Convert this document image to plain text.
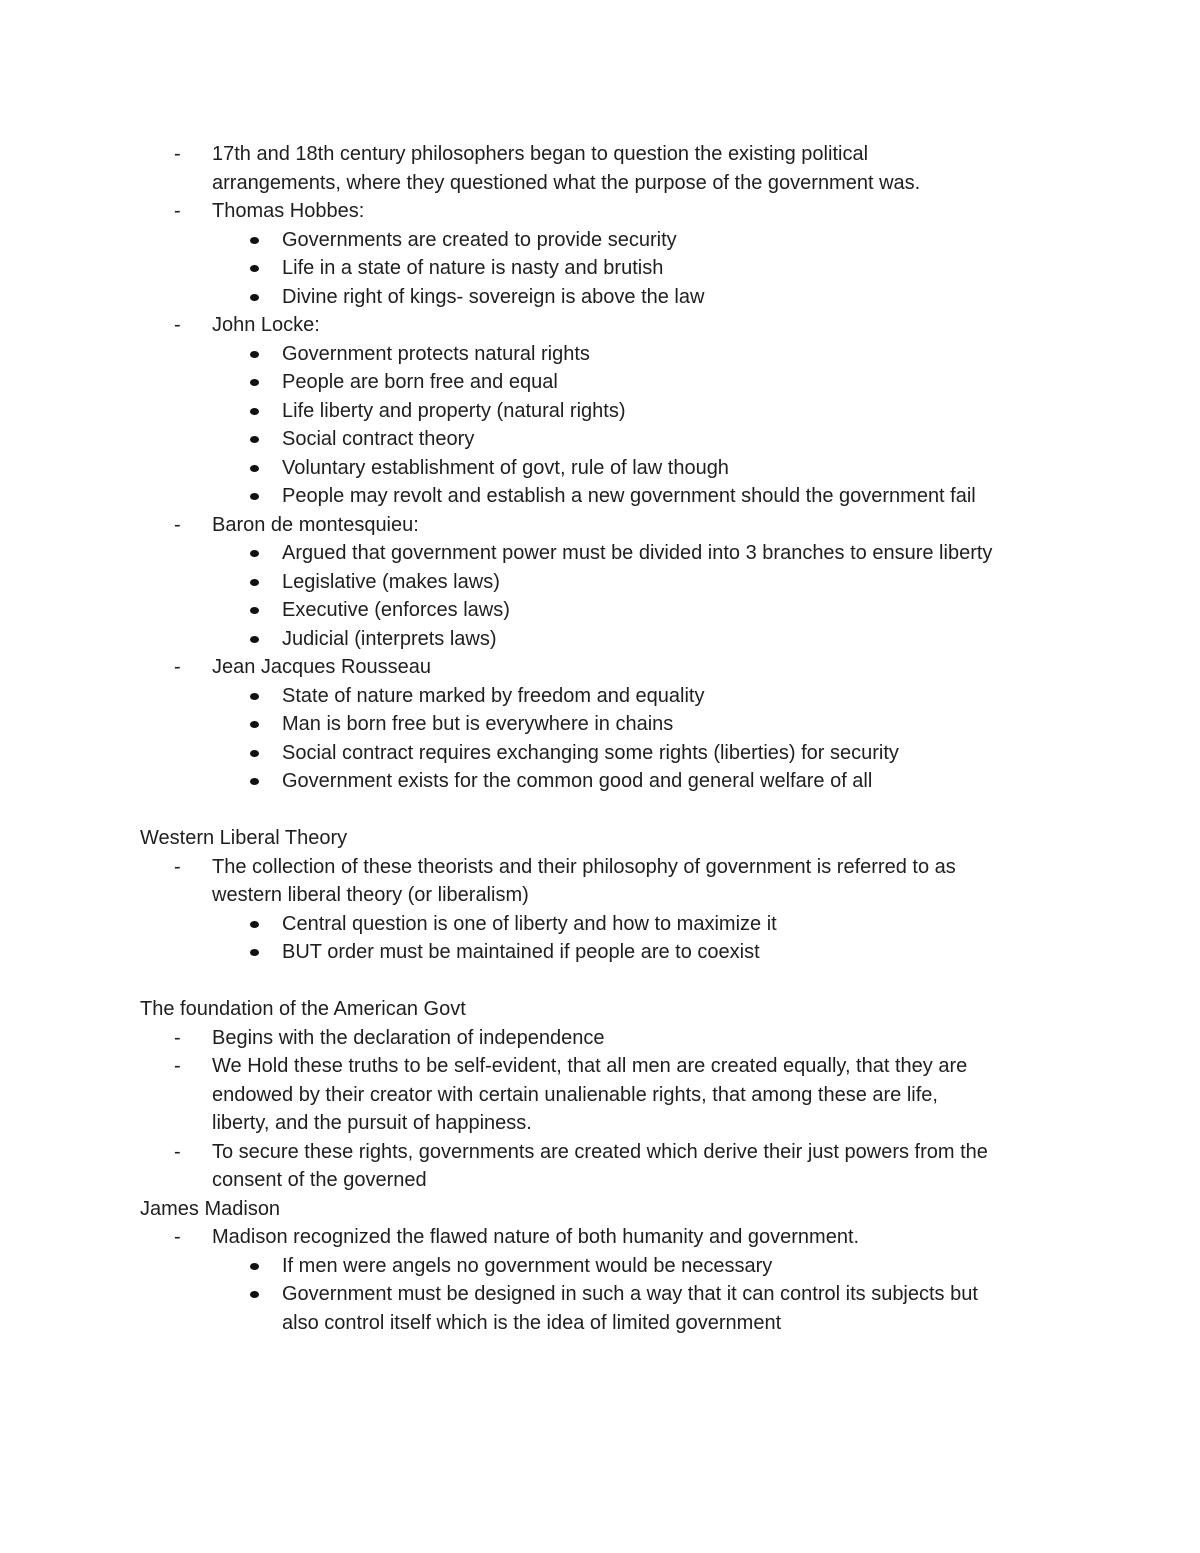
- 17th and 18th century philosophers began to question the existing political
arrangements, where they questioned what the purpose of the government was.
- Thomas Hobbes:
Governments are created to provide security
Life in a state of nature is nasty and brutish
Divine right of kings- sovereign is above the law
- John Locke:
Government protects natural rights
People are born free and equal
Life liberty and property (natural rights)
Social contract theory
Voluntary establishment of govt, rule of law though
People may revolt and establish a new government should the government fail
- Baron de montesquieu:
Argued that government power must be divided into 3 branches to ensure liberty
Legislative (makes laws)
Executive (enforces laws)
Judicial (interprets laws)
- Jean Jacques Rousseau
State of nature marked by freedom and equality
Man is born free but is everywhere in chains
Social contract requires exchanging some rights (liberties) for security
Government exists for the common good and general welfare of all
Western Liberal Theory
- The collection of these theorists and their philosophy of government is referred to as
western liberal theory (or liberalism)
Central question is one of liberty and how to maximize it
BUT order must be maintained if people are to coexist
The foundation of the American Govt
- Begins with the declaration of independence
- We Hold these truths to be self-evident, that all men are created equally, that they are
endowed by their creator with certain unalienable rights, that among these are life,
liberty, and the pursuit of happiness.
- To secure these rights, governments are created which derive their just powers from the
consent of the governed
James Madison
- Madison recognized the flawed nature of both humanity and government.
If men were angels no government would be necessary
Government must be designed in such a way that it can control its subjects but
also control itself which is the idea of limited government
